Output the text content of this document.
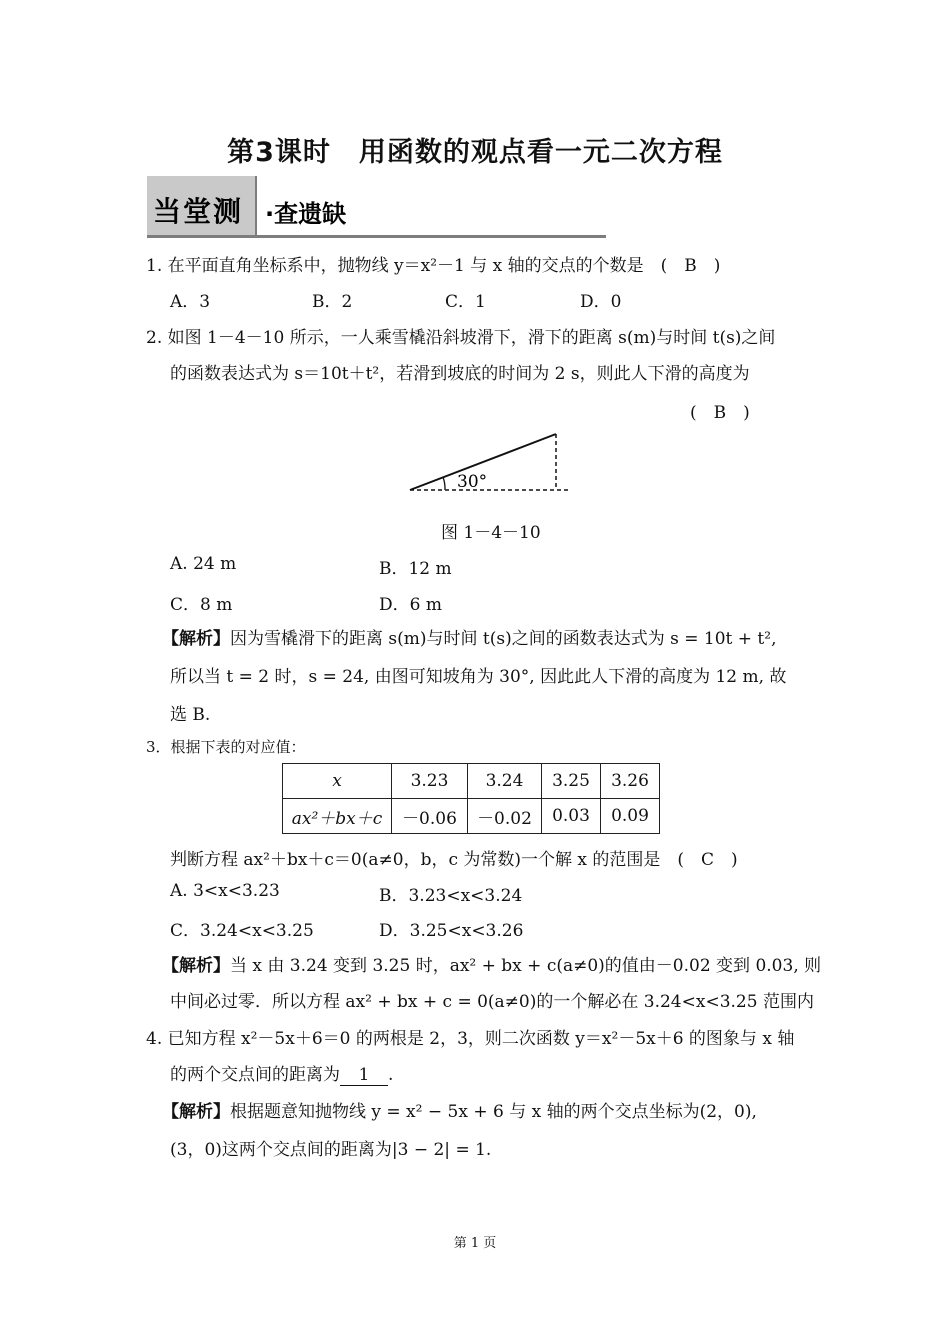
第3课时　用函数的观点看一元二次方程
当堂测 ·查遗缺
1. 在平面直角坐标系中，抛物线 y＝x²－1 与 x 轴的交点的个数是　(　B　)
A．3	B．2	C．1	D．0
2. 如图 1－4－10 所示，一人乘雪橇沿斜坡滑下，滑下的距离 s(m)与时间 t(s)之间
的函数表达式为 s＝10t＋t²，若滑到坡底的时间为 2 s，则此人下滑的高度为
(　B　)
30°
图 1－4－10
A. 24 m	B．12 m
C．8 m	D．6 m
【解析】因为雪橇滑下的距离 s(m)与时间 t(s)之间的函数表达式为 s = 10t + t²,
所以当 t = 2 时，s = 24, 由图可知坡角为 30°, 因此此人下滑的高度为 12 m, 故
选 B.
3．根据下表的对应值：
x	3.23	3.24	3.25	3.26
ax²＋bx＋c	－0.06	－0.02	0.03	0.09
判断方程 ax²＋bx＋c＝0(a≠0，b，c 为常数)一个解 x 的范围是　(　C　)
A. 3<x<3.23	B．3.23<x<3.24
C．3.24<x<3.25	D．3.25<x<3.26
【解析】当 x 由 3.24 变到 3.25 时，ax² + bx + c(a≠0)的值由－0.02 变到 0.03, 则
中间必过零．所以方程 ax² + bx + c = 0(a≠0)的一个解必在 3.24<x<3.25 范围内
4. 已知方程 x²－5x＋6＝0 的两根是 2，3，则二次函数 y＝x²－5x＋6 的图象与 x 轴
的两个交点间的距离为 1 .
【解析】根据题意知抛物线 y = x² − 5x + 6 与 x 轴的两个交点坐标为(2，0),
(3，0)这两个交点间的距离为|3 − 2| = 1.
第 1 页
